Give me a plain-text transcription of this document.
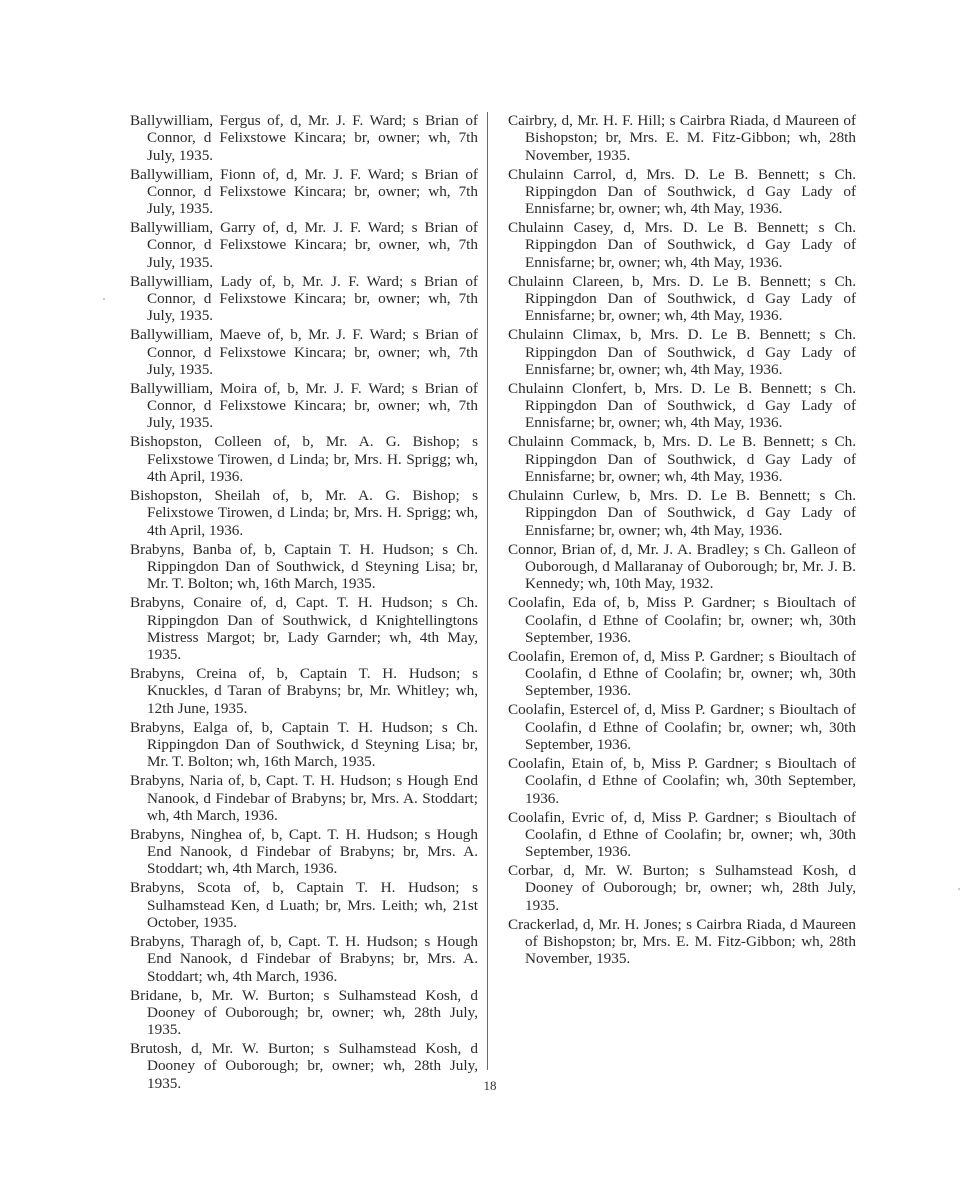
Ballywilliam, Fergus of, d, Mr. J. F. Ward; s Brian of Connor, d Felixstowe Kincara; br, owner; wh, 7th July, 1935.

Ballywilliam, Fionn of, d, Mr. J. F. Ward; s Brian of Connor, d Felixstowe Kincara; br, owner; wh, 7th July, 1935.

Ballywilliam, Garry of, d, Mr. J. F. Ward; s Brian of Connor, d Felixstowe Kincara; br, owner, wh, 7th July, 1935.

Ballywilliam, Lady of, b, Mr. J. F. Ward; s Brian of Connor, d Felixstowe Kincara; br, owner; wh, 7th July, 1935.

Ballywilliam, Maeve of, b, Mr. J. F. Ward; s Brian of Connor, d Felixstowe Kincara; br, owner; wh, 7th July, 1935.

Ballywilliam, Moira of, b, Mr. J. F. Ward; s Brian of Connor, d Felixstowe Kincara; br, owner; wh, 7th July, 1935.

Bishopston, Colleen of, b, Mr. A. G. Bishop; s Felixstowe Tirowen, d Linda; br, Mrs. H. Sprigg; wh, 4th April, 1936.

Bishopston, Sheilah of, b, Mr. A. G. Bishop; s Felixstowe Tirowen, d Linda; br, Mrs. H. Sprigg; wh, 4th April, 1936.

Brabyns, Banba of, b, Captain T. H. Hudson; s Ch. Rippingdon Dan of Southwick, d Steyning Lisa; br, Mr. T. Bolton; wh, 16th March, 1935.

Brabyns, Conaire of, d, Capt. T. H. Hudson; s Ch. Rippingdon Dan of Southwick, d Knightellingtons Mistress Margot; br, Lady Garnder; wh, 4th May, 1935.

Brabyns, Creina of, b, Captain T. H. Hudson; s Knuckles, d Taran of Brabyns; br, Mr. Whitley; wh, 12th June, 1935.

Brabyns, Ealga of, b, Captain T. H. Hudson; s Ch. Rippingdon Dan of Southwick, d Steyning Lisa; br, Mr. T. Bolton; wh, 16th March, 1935.

Brabyns, Naria of, b, Capt. T. H. Hudson; s Hough End Nanook, d Findebar of Brabyns; br, Mrs. A. Stoddart; wh, 4th March, 1936.

Brabyns, Ninghea of, b, Capt. T. H. Hudson; s Hough End Nanook, d Findebar of Brabyns; br, Mrs. A. Stoddart; wh, 4th March, 1936.

Brabyns, Scota of, b, Captain T. H. Hudson; s Sulhamstead Ken, d Luath; br, Mrs. Leith; wh, 21st October, 1935.

Brabyns, Tharagh of, b, Capt. T. H. Hudson; s Hough End Nanook, d Findebar of Brabyns; br, Mrs. A. Stoddart; wh, 4th March, 1936.

Bridane, b, Mr. W. Burton; s Sulhamstead Kosh, d Dooney of Ouborough; br, owner; wh, 28th July, 1935.

Brutosh, d, Mr. W. Burton; s Sulhamstead Kosh, d Dooney of Ouborough; br, owner; wh, 28th July, 1935.

Cairbry, d, Mr. H. F. Hill; s Cairbra Riada, d Maureen of Bishopston; br, Mrs. E. M. Fitz-Gibbon; wh, 28th November, 1935.

Chulainn Carrol, d, Mrs. D. Le B. Bennett; s Ch. Rippingdon Dan of Southwick, d Gay Lady of Ennisfarne; br, owner; wh, 4th May, 1936.

Chulainn Casey, d, Mrs. D. Le B. Bennett; s Ch. Rippingdon Dan of Southwick, d Gay Lady of Ennisfarne; br, owner; wh, 4th May, 1936.

Chulainn Clareen, b, Mrs. D. Le B. Bennett; s Ch. Rippingdon Dan of Southwick, d Gay Lady of Ennisfarne; br, owner; wh, 4th May, 1936.

Chulainn Climax, b, Mrs. D. Le B. Bennett; s Ch. Rippingdon Dan of Southwick, d Gay Lady of Ennisfarne; br, owner; wh, 4th May, 1936.

Chulainn Clonfert, b, Mrs. D. Le B. Bennett; s Ch. Rippingdon Dan of Southwick, d Gay Lady of Ennisfarne; br, owner; wh, 4th May, 1936.

Chulainn Commack, b, Mrs. D. Le B. Bennett; s Ch. Rippingdon Dan of Southwick, d Gay Lady of Ennisfarne; br, owner; wh, 4th May, 1936.

Chulainn Curlew, b, Mrs. D. Le B. Bennett; s Ch. Rippingdon Dan of Southwick, d Gay Lady of Ennisfarne; br, owner; wh, 4th May, 1936.

Connor, Brian of, d, Mr. J. A. Bradley; s Ch. Galleon of Ouborough, d Mallaranay of Ouborough; br, Mr. J. B. Kennedy; wh, 10th May, 1932.

Coolafin, Eda of, b, Miss P. Gardner; s Bioultach of Coolafin, d Ethne of Coolafin; br, owner; wh, 30th September, 1936.

Coolafin, Eremon of, d, Miss P. Gardner; s Bioultach of Coolafin, d Ethne of Coolafin; br, owner; wh, 30th September, 1936.

Coolafin, Estercel of, d, Miss P. Gardner; s Bioultach of Coolafin, d Ethne of Coolafin; br, owner; wh, 30th September, 1936.

Coolafin, Etain of, b, Miss P. Gardner; s Bioultach of Coolafin, d Ethne of Coolafin; wh, 30th September, 1936.

Coolafin, Evric of, d, Miss P. Gardner; s Bioultach of Coolafin, d Ethne of Coolafin; br, owner; wh, 30th September, 1936.

Corbar, d, Mr. W. Burton; s Sulhamstead Kosh, d Dooney of Ouborough; br, owner; wh, 28th July, 1935.

Crackerlad, d, Mr. H. Jones; s Cairbra Riada, d Maureen of Bishopston; br, Mrs. E. M. Fitz-Gibbon; wh, 28th November, 1935.

18
